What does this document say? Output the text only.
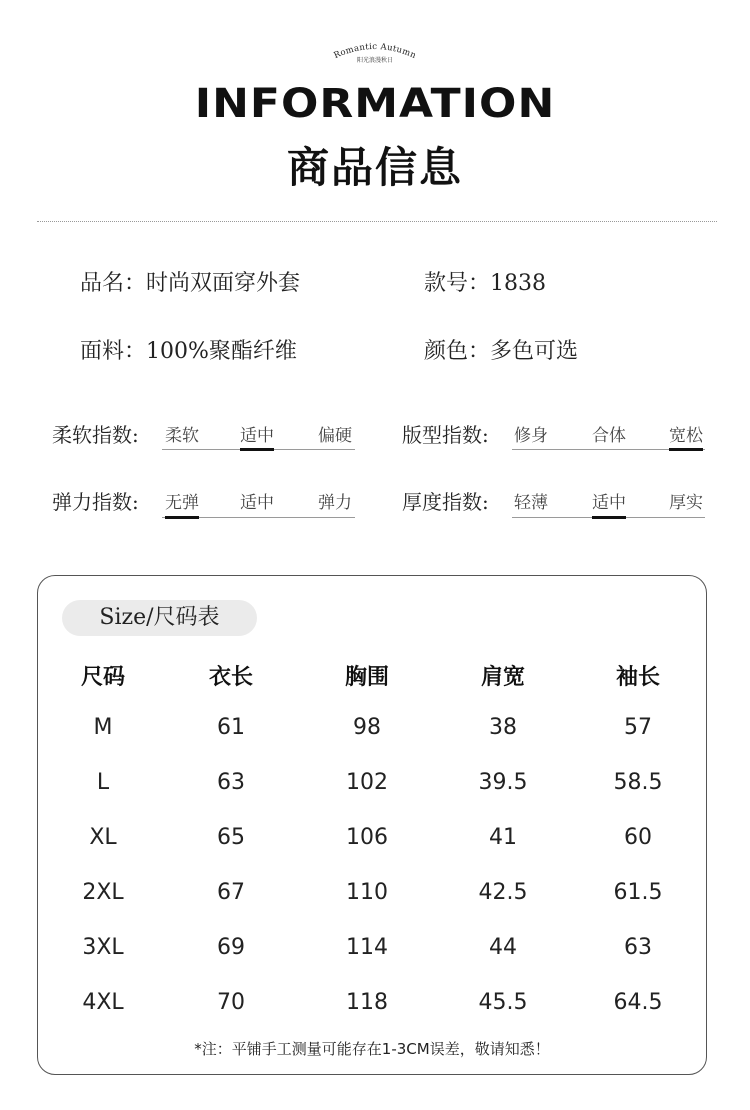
Romantic Autumn
阳光浪漫秋日
INFORMATION
商品信息
品名：时尚双面穿外套	款号：1838
面料：100%聚酯纤维	颜色：多色可选
柔软指数:	柔软	适中	偏硬	版型指数:	修身	合体	宽松
弹力指数:	无弹	适中	弹力	厚度指数:	轻薄	适中	厚实
Size/尺码表
尺码	衣长	胸围	肩宽	袖长
M	61	98	38	57
L	63	102	39.5	58.5
XL	65	106	41	60
2XL	67	110	42.5	61.5
3XL	69	114	44	63
4XL	70	118	45.5	64.5
*注：平铺手工测量可能存在1-3CM误差，敬请知悉！
